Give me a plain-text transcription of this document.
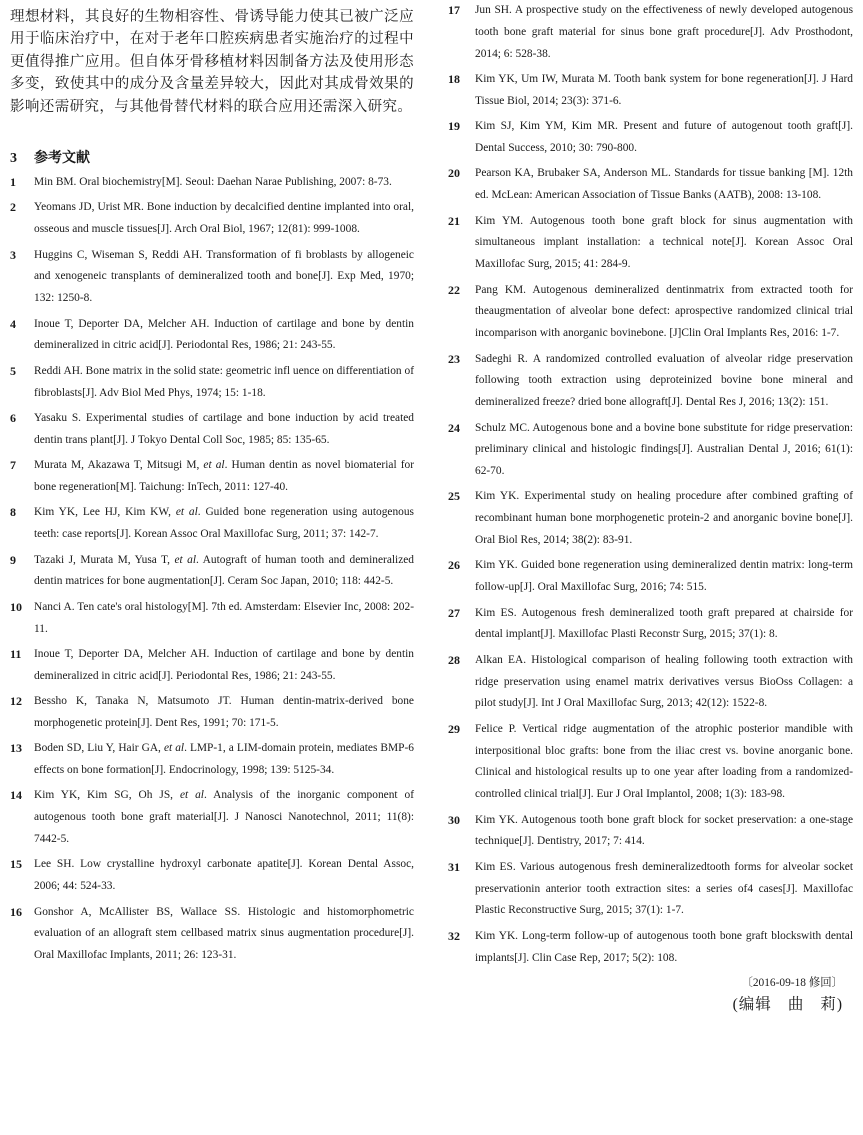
理想材料，其良好的生物相容性、骨诱导能力使其已被广泛应用于临床治疗中，在对于老年口腔疾病患者实施治疗的过程中更值得推广应用。但自体牙骨移植材料因制备方法及使用形态多变，致使其中的成分及含量差异较大，因此对其成骨效果的影响还需研究，与其他骨替代材料的联合应用还需深入研究。

3 参考文献
1	Min BM. Oral biochemistry[M]. Seoul: Daehan Narae Publishing, 2007: 8-73.
2	Yeomans JD, Urist MR. Bone induction by decalcified dentine implanted into oral, osseous and muscle tissues[J]. Arch Oral Biol, 1967; 12(81): 999-1008.
3	Huggins C, Wiseman S, Reddi AH. Transformation of fi broblasts by allogeneic and xenogeneic transplants of demineralized tooth and bone[J]. Exp Med, 1970; 132: 1250-8.
4	Inoue T, Deporter DA, Melcher AH. Induction of cartilage and bone by dentin demineralized in citric acid[J]. Periodontal Res, 1986; 21: 243-55.
5	Reddi AH. Bone matrix in the solid state: geometric infl uence on differentiation of fibroblasts[J]. Adv Biol Med Phys, 1974; 15: 1-18.
6	Yasaku S. Experimental studies of cartilage and bone induction by acid treated dentin trans plant[J]. J Tokyo Dental Coll Soc, 1985; 85: 135-65.
7	Murata M, Akazawa T, Mitsugi M, et al. Human dentin as novel biomaterial for bone regeneration[M]. Taichung: InTech, 2011: 127-40.
8	Kim YK, Lee HJ, Kim KW, et al. Guided bone regeneration using autogenous teeth: case reports[J]. Korean Assoc Oral Maxillofac Surg, 2011; 37: 142-7.
9	Tazaki J, Murata M, Yusa T, et al. Autograft of human tooth and demineralized dentin matrices for bone augmentation[J]. Ceram Soc Japan, 2010; 118: 442-5.
10	Nanci A. Ten cate's oral histology[M]. 7th ed. Amsterdam: Elsevier Inc, 2008: 202-11.
11	Inoue T, Deporter DA, Melcher AH. Induction of cartilage and bone by dentin demineralized in citric acid[J]. Periodontal Res, 1986; 21: 243-55.
12	Bessho K, Tanaka N, Matsumoto JT. Human dentin-matrix-derived bone morphogenetic protein[J]. Dent Res, 1991; 70: 171-5.
13	Boden SD, Liu Y, Hair GA, et al. LMP-1, a LIM-domain protein, mediates BMP-6 effects on bone formation[J]. Endocrinology, 1998; 139: 5125-34.
14	Kim YK, Kim SG, Oh JS, et al. Analysis of the inorganic component of autogenous tooth bone graft material[J]. J Nanosci Nanotechnol, 2011; 11(8): 7442-5.
15	Lee SH. Low crystalline hydroxyl carbonate apatite[J]. Korean Dental Assoc, 2006; 44: 524-33.
16	Gonshor A, McAllister BS, Wallace SS. Histologic and histomorphometric evaluation of an allograft stem cellbased matrix sinus augmentation procedure[J]. Oral Maxillofac Implants, 2011; 26: 123-31.
17	Jun SH. A prospective study on the effectiveness of newly developed autogenous tooth bone graft material for sinus bone graft procedure[J]. Adv Prosthodont, 2014; 6: 528-38.
18	Kim YK, Um IW, Murata M. Tooth bank system for bone regeneration[J]. J Hard Tissue Biol, 2014; 23(3): 371-6.
19	Kim SJ, Kim YM, Kim MR. Present and future of autogenout tooth graft[J]. Dental Success, 2010; 30: 790-800.
20	Pearson KA, Brubaker SA, Anderson ML. Standards for tissue banking [M]. 12th ed. McLean: American Association of Tissue Banks (AATB), 2008: 13-108.
21	Kim YM. Autogenous tooth bone graft block for sinus augmentation with simultaneous implant installation: a technical note[J]. Korean Assoc Oral Maxillofac Surg, 2015; 41: 284-9.
22	Pang KM. Autogenous demineralized dentinmatrix from extracted tooth for theaugmentation of alveolar bone defect: aprospective randomized clinical trial incomparison with anorganic bovinebone. [J]Clin Oral Implants Res, 2016: 1-7.
23	Sadeghi R. A randomized controlled evaluation of alveolar ridge preservation following tooth extraction using deproteinized bovine bone mineral and demineralized freeze? dried bone allograft[J]. Dental Res J, 2016; 13(2): 151.
24	Schulz MC. Autogenous bone and a bovine bone substitute for ridge preservation: preliminary clinical and histologic findings[J]. Australian Dental J, 2016; 61(1): 62-70.
25	Kim YK. Experimental study on healing procedure after combined grafting of recombinant human bone morphogenetic protein-2 and anorganic bovine bone[J]. Oral Biol Res, 2014; 38(2): 83-91.
26	Kim YK. Guided bone regeneration using demineralized dentin matrix: long-term follow-up[J]. Oral Maxillofac Surg, 2016; 74: 515.
27	Kim ES. Autogenous fresh demineralized tooth graft prepared at chairside for dental implant[J]. Maxillofac Plasti Reconstr Surg, 2015; 37(1): 8.
28	Alkan EA. Histological comparison of healing following tooth extraction with ridge preservation using enamel matrix derivatives versus BioOss Collagen: a pilot study[J]. Int J Oral Maxillofac Surg, 2013; 42(12): 1522-8.
29	Felice P. Vertical ridge augmentation of the atrophic posterior mandible with interpositional bloc grafts: bone from the iliac crest vs. bovine anorganic bone. Clinical and histological results up to one year after loading from a randomized-controlled clinical trial[J]. Eur J Oral Implantol, 2008; 1(3): 183-98.
30	Kim YK. Autogenous tooth bone graft block for socket preservation: a one-stage technique[J]. Dentistry, 2017; 7: 414.
31	Kim ES. Various autogenous fresh demineralizedtooth forms for alveolar socket preservationin anterior tooth extraction sites: a series of4 cases[J]. Maxillofac Plastic Reconstructive Surg, 2015; 37(1): 1-7.
32	Kim YK. Long-term follow-up of autogenous tooth bone graft blockswith dental implants[J]. Clin Case Rep, 2017; 5(2): 108.
〔2016-09-18 修回〕
(编辑 曲 莉)
